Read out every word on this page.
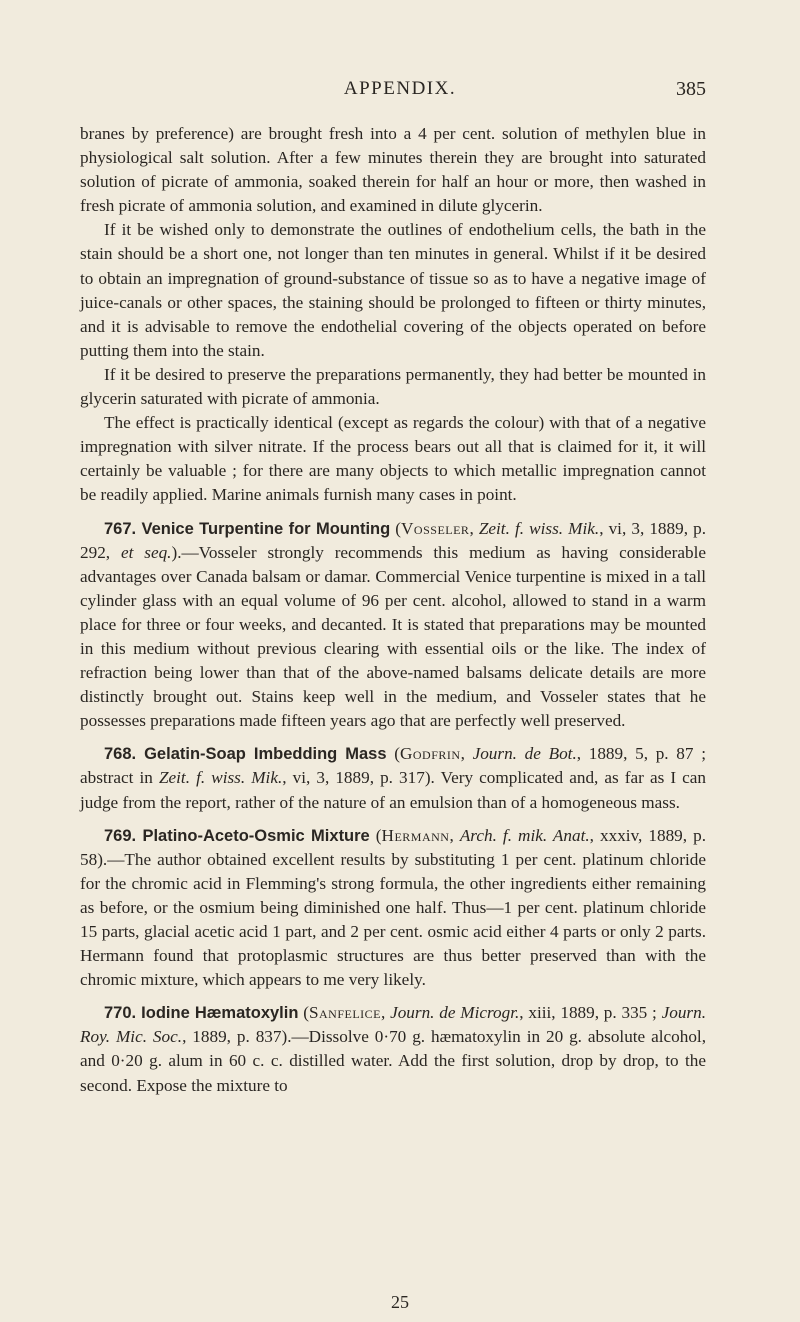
APPENDIX.	385

branes by preference) are brought fresh into a 4 per cent. solution of methylen blue in physiological salt solution. After a few minutes therein they are brought into saturated solution of picrate of ammonia, soaked therein for half an hour or more, then washed in fresh picrate of ammonia solution, and examined in dilute glycerin.

If it be wished only to demonstrate the outlines of endothelium cells, the bath in the stain should be a short one, not longer than ten minutes in general. Whilst if it be desired to obtain an impregnation of ground-substance of tissue so as to have a negative image of juice-canals or other spaces, the staining should be prolonged to fifteen or thirty minutes, and it is advisable to remove the endothelial covering of the objects operated on before putting them into the stain.

If it be desired to preserve the preparations permanently, they had better be mounted in glycerin saturated with picrate of ammonia.

The effect is practically identical (except as regards the colour) with that of a negative impregnation with silver nitrate. If the process bears out all that is claimed for it, it will certainly be valuable ; for there are many objects to which metallic impregnation cannot be readily applied. Marine animals furnish many cases in point.

767. Venice Turpentine for Mounting (Vosseler, Zeit. f. wiss. Mik., vi, 3, 1889, p. 292, et seq.).—Vosseler strongly recommends this medium as having considerable advantages over Canada balsam or damar. Commercial Venice turpentine is mixed in a tall cylinder glass with an equal volume of 96 per cent. alcohol, allowed to stand in a warm place for three or four weeks, and decanted. It is stated that preparations may be mounted in this medium without previous clearing with essential oils or the like. The index of refraction being lower than that of the above-named balsams delicate details are more distinctly brought out. Stains keep well in the medium, and Vosseler states that he possesses preparations made fifteen years ago that are perfectly well preserved.

768. Gelatin-Soap Imbedding Mass (Godfrin, Journ. de Bot., 1889, 5, p. 87 ; abstract in Zeit. f. wiss. Mik., vi, 3, 1889, p. 317). Very complicated and, as far as I can judge from the report, rather of the nature of an emulsion than of a homogeneous mass.

769. Platino-Aceto-Osmic Mixture (Hermann, Arch. f. mik. Anat., xxxiv, 1889, p. 58).—The author obtained excellent results by substituting 1 per cent. platinum chloride for the chromic acid in Flemming's strong formula, the other ingredients either remaining as before, or the osmium being diminished one half. Thus—1 per cent. platinum chloride 15 parts, glacial acetic acid 1 part, and 2 per cent. osmic acid either 4 parts or only 2 parts. Hermann found that protoplasmic structures are thus better preserved than with the chromic mixture, which appears to me very likely.

770. Iodine Hæmatoxylin (Sanfelice, Journ. de Microgr., xiii, 1889, p. 335 ; Journ. Roy. Mic. Soc., 1889, p. 837).—Dissolve 0·70 g. hæmatoxylin in 20 g. absolute alcohol, and 0·20 g. alum in 60 c. c. distilled water. Add the first solution, drop by drop, to the second. Expose the mixture to

25
